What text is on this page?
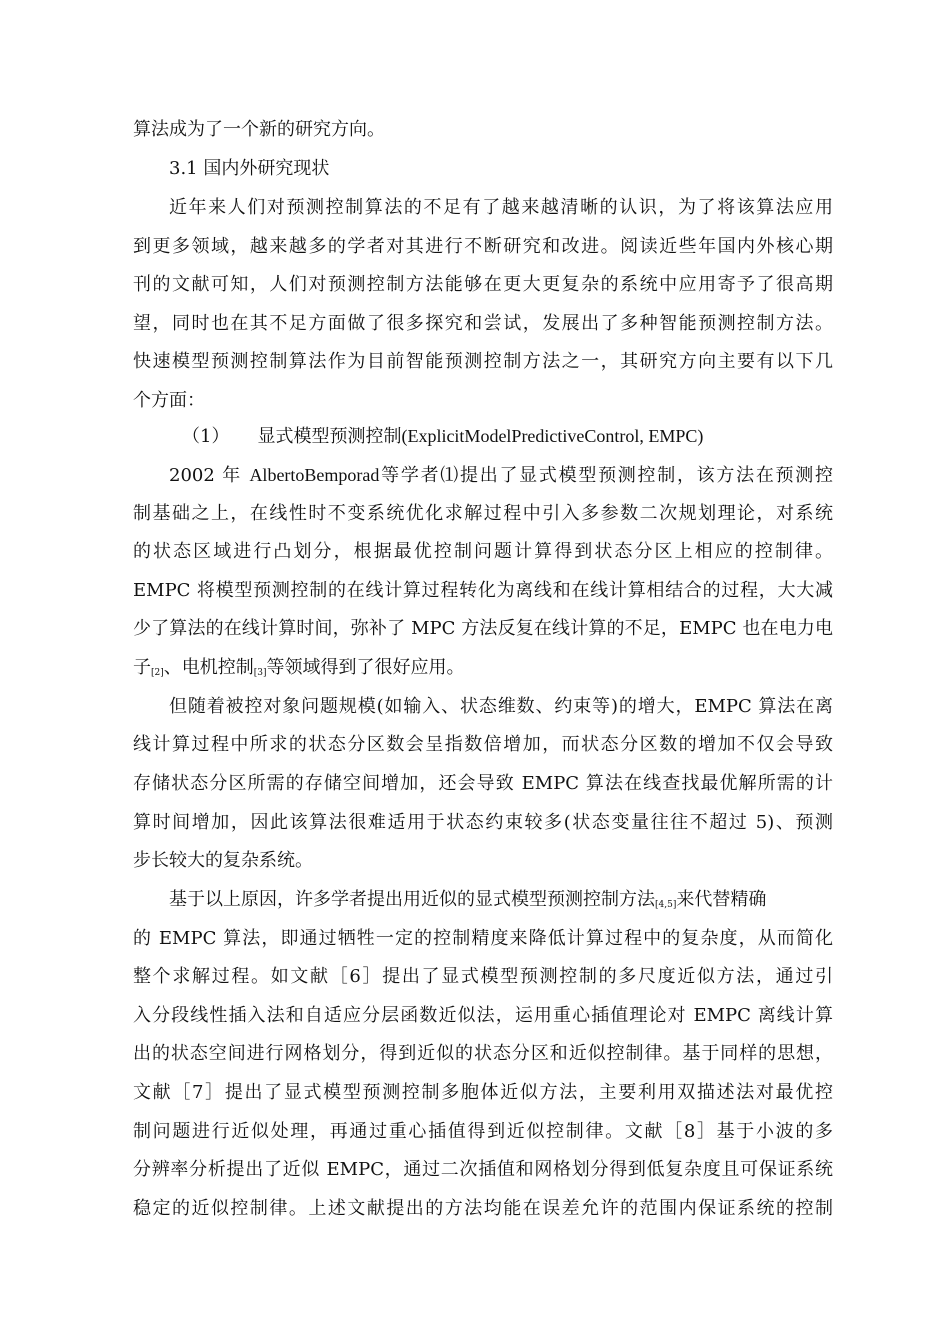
算法成为了一个新的研究方向。
3.1 国内外研究现状
近年来人们对预测控制算法的不足有了越来越清晰的认识，为了将该算法应用
到更多领域，越来越多的学者对其进行不断研究和改进。阅读近些年国内外核心期
刊的文献可知，人们对预测控制方法能够在更大更复杂的系统中应用寄予了很高期
望，同时也在其不足方面做了很多探究和尝试，发展出了多种智能预测控制方法。
快速模型预测控制算法作为目前智能预测控制方法之一，其研究方向主要有以下几
个方面：
（1） 显式模型预测控制(ExplicitModelPredictiveControl, EMPC)
2002 年 AlbertoBemporad等学者⑴提出了显式模型预测控制，该方法在预测控
制基础之上，在线性时不变系统优化求解过程中引入多参数二次规划理论，对系统
的状态区域进行凸划分，根据最优控制问题计算得到状态分区上相应的控制律。
EMPC 将模型预测控制的在线计算过程转化为离线和在线计算相结合的过程，大大减
少了算法的在线计算时间，弥补了 MPC 方法反复在线计算的不足，EMPC 也在电力电
子[2]、电机控制[3]等领域得到了很好应用。
但随着被控对象问题规模(如输入、状态维数、约束等)的增大，EMPC 算法在离
线计算过程中所求的状态分区数会呈指数倍增加，而状态分区数的增加不仅会导致
存储状态分区所需的存储空间增加，还会导致 EMPC 算法在线查找最优解所需的计
算时间增加，因此该算法很难适用于状态约束较多(状态变量往往不超过 5)、预测
步长较大的复杂系统。
基于以上原因，许多学者提出用近似的显式模型预测控制方法[4,5]来代替精确
的 EMPC 算法，即通过牺牲一定的控制精度来降低计算过程中的复杂度，从而简化
整个求解过程。如文献［6］提出了显式模型预测控制的多尺度近似方法，通过引
入分段线性插入法和自适应分层函数近似法，运用重心插值理论对 EMPC 离线计算
出的状态空间进行网格划分，得到近似的状态分区和近似控制律。基于同样的思想，
文献［7］提出了显式模型预测控制多胞体近似方法，主要利用双描述法对最优控
制问题进行近似处理，再通过重心插值得到近似控制律。文献［8］基于小波的多
分辨率分析提出了近似 EMPC，通过二次插值和网格划分得到低复杂度且可保证系统
稳定的近似控制律。上述文献提出的方法均能在误差允许的范围内保证系统的控制
